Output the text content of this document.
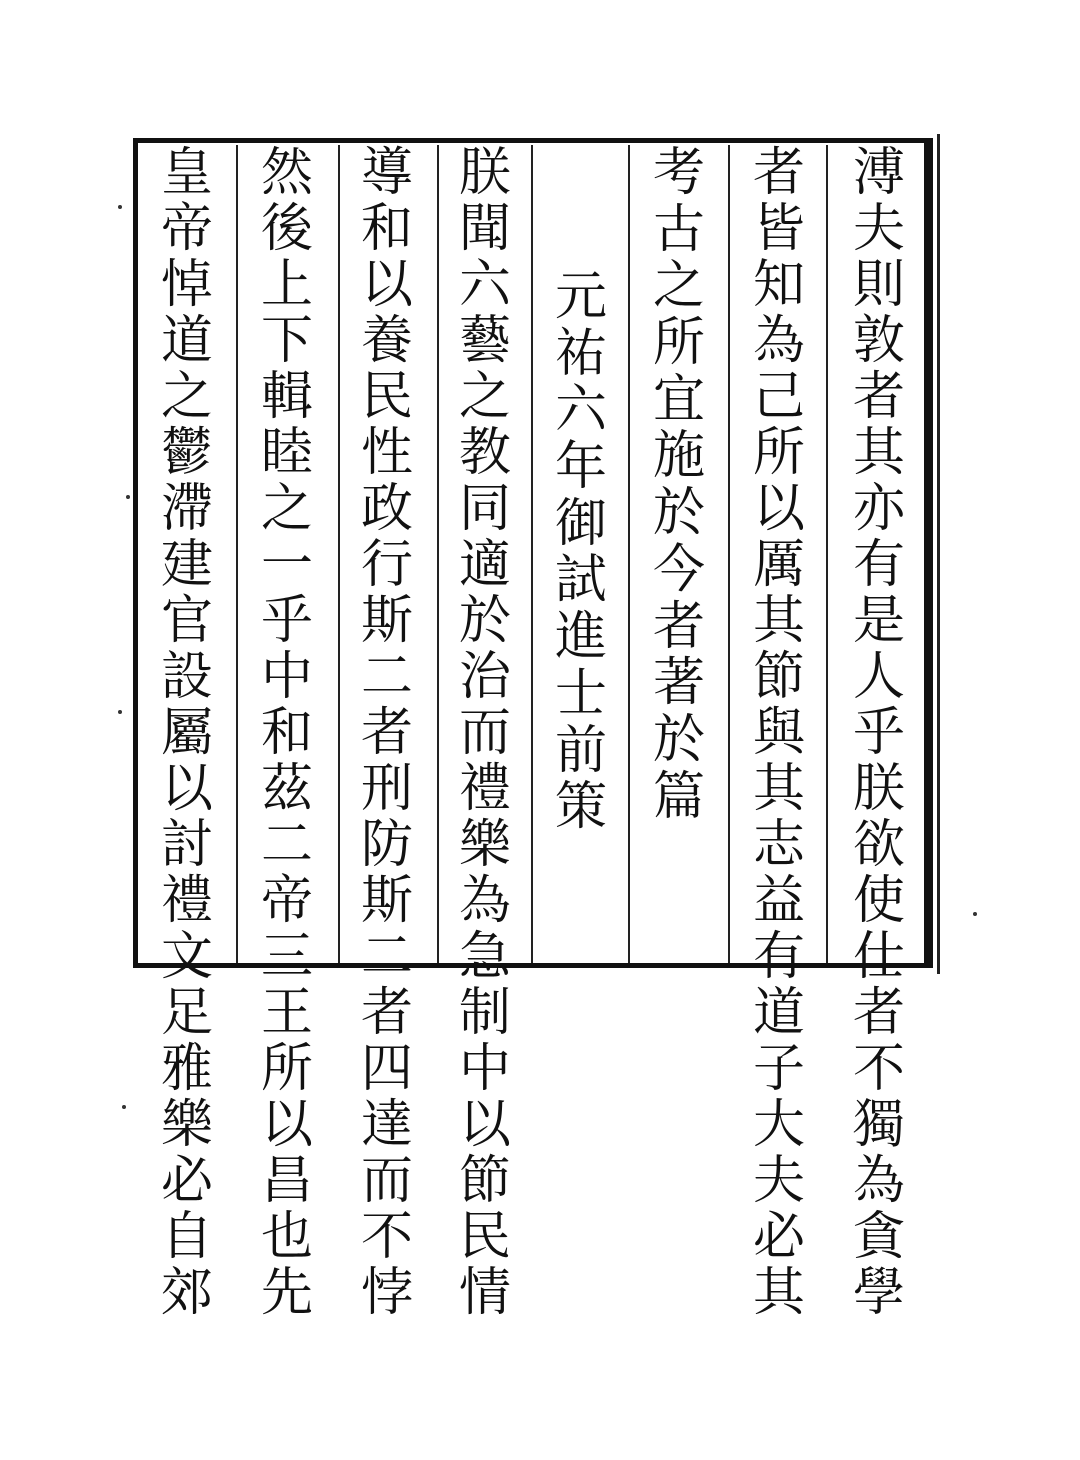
溥
夫
則
敦
者
其
亦
有
是
人
乎
朕
欲
使
仕
者
不
獨
為
貪
學
者
皆
知
為
己
所
以
厲
其
節
與
其
志
益
有
道
子
大
夫
必
其
考
古
之
所
宜
施
於
今
者
著
於
篇
元
祐
六
年
御
試
進
士
前
策
朕
聞
六
藝
之
教
同
適
於
治
而
禮
樂
為
急
制
中
以
節
民
情
導
和
以
養
民
性
政
行
斯
二
者
刑
防
斯
二
者
四
達
而
不
悖
然
後
上
下
輯
睦
之
一
乎
中
和
茲
二
帝
三
王
所
以
昌
也
先
皇
帝
悼
道
之
鬱
滯
建
官
設
屬
以
討
禮
文
足
雅
樂
必
自
郊
